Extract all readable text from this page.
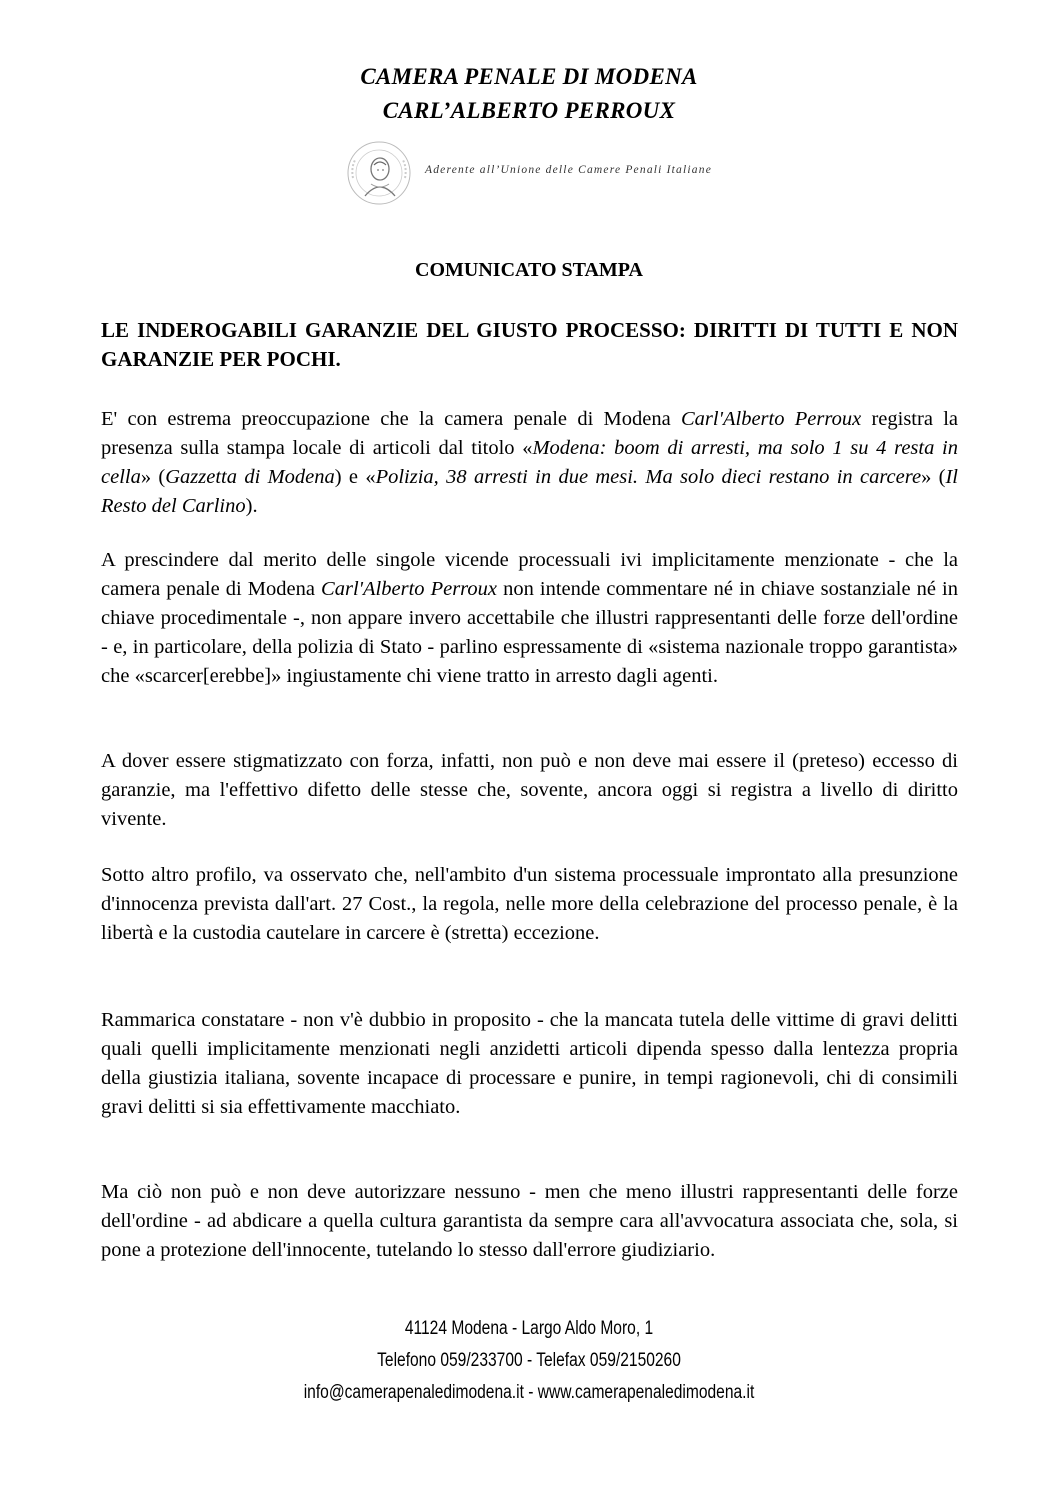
CAMERA PENALE DI MODENA
CARL’ALBERTO PERROUX
Aderente all’Unione delle Camere Penali Italiane
COMUNICATO STAMPA
LE INDEROGABILI GARANZIE DEL GIUSTO PROCESSO: DIRITTI DI TUTTI E NON GARANZIE PER POCHI.

E' con estrema preoccupazione che la camera penale di Modena Carl'Alberto Perroux registra la presenza sulla stampa locale di articoli dal titolo «Modena: boom di arresti, ma solo 1 su 4 resta in cella» (Gazzetta di Modena) e «Polizia, 38 arresti in due mesi. Ma solo dieci restano in carcere» (Il Resto del Carlino).

A prescindere dal merito delle singole vicende processuali ivi implicitamente menzionate - che la camera penale di Modena Carl'Alberto Perroux non intende commentare né in chiave sostanziale né in chiave procedimentale -, non appare invero accettabile che illustri rappresentanti delle forze dell'ordine - e, in particolare, della polizia di Stato - parlino espressamente di «sistema nazionale troppo garantista» che «scarcer[erebbe]» ingiustamente chi viene tratto in arresto dagli agenti.

A dover essere stigmatizzato con forza, infatti, non può e non deve mai essere il (preteso) eccesso di garanzie, ma l'effettivo difetto delle stesse che, sovente, ancora oggi si registra a livello di diritto vivente.

Sotto altro profilo, va osservato che, nell'ambito d'un sistema processuale improntato alla presunzione d'innocenza prevista dall'art. 27 Cost., la regola, nelle more della celebrazione del processo penale, è la libertà e la custodia cautelare in carcere è (stretta) eccezione.

Rammarica constatare - non v'è dubbio in proposito - che la mancata tutela delle vittime di gravi delitti quali quelli implicitamente menzionati negli anzidetti articoli dipenda spesso dalla lentezza propria della giustizia italiana, sovente incapace di processare e punire, in tempi ragionevoli, chi di consimili gravi delitti si sia effettivamente macchiato.

Ma ciò non può e non deve autorizzare nessuno - men che meno illustri rappresentanti delle forze dell'ordine - ad abdicare a quella cultura garantista da sempre cara all'avvocatura associata che, sola, si pone a protezione dell'innocente, tutelando lo stesso dall'errore giudiziario.

41124 Modena - Largo Aldo Moro, 1
Telefono 059/233700 - Telefax 059/2150260
info@camerapenaledimodena.it - www.camerapenaledimodena.it
